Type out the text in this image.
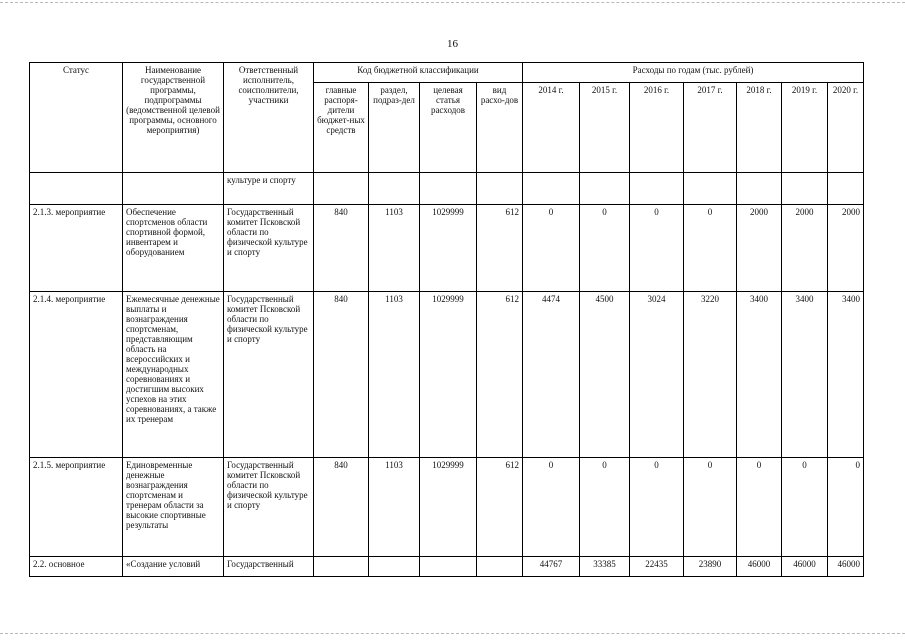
16
Статус	Наименование государственной программы, подпрограммы (ведомственной целевой программы, основного мероприятия)	Ответственный исполнитель, соисполнители, участники	Код бюджетной классификации				Расходы по годам (тыс. рублей)						
			главные распоря-дители бюджет-ных средств	раздел, подраз-дел	целевая статья расходов	вид расхо-дов	2014 г.	2015 г.	2016 г.	2017 г.	2018 г.	2019 г.	2020 г.
		культуре и спорту											
2.1.3. мероприятие	Обеспечение спортсменов области спортивной формой, инвентарем и оборудованием	Государственный комитет Псковской области по физической культуре и спорту	840	1103	1029999	612	0	0	0	0	2000	2000	2000
2.1.4. мероприятие	Ежемесячные денежные выплаты и вознаграждения спортсменам, представляющим область на всероссийских и международных соревнованиях и достигшим высоких успехов на этих соревнованиях, а также их тренерам	Государственный комитет Псковской области по физической культуре и спорту	840	1103	1029999	612	4474	4500	3024	3220	3400	3400	3400
2.1.5. мероприятие	Единовременные денежные вознаграждения спортсменам и тренерам области за высокие спортивные результаты	Государственный комитет Псковской области по физической культуре и спорту	840	1103	1029999	612	0	0	0	0	0	0	0
2.2. основное	«Создание условий	Государственный					44767	33385	22435	23890	46000	46000	46000
